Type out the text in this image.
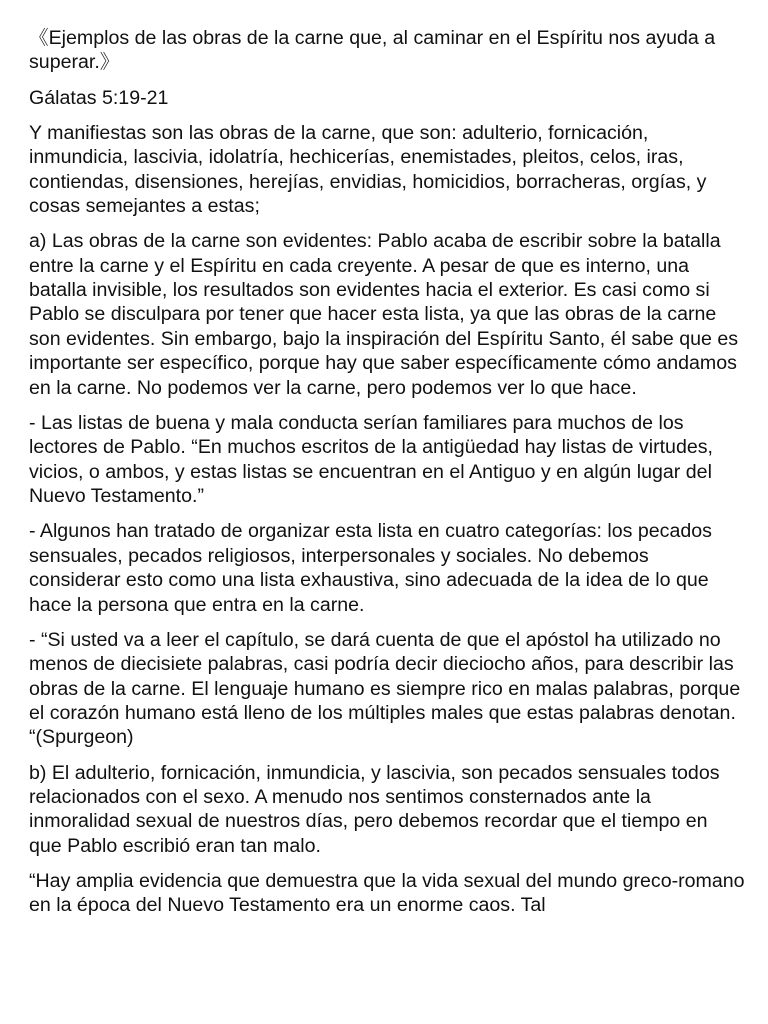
《Ejemplos de las obras de la carne que, al caminar en el Espíritu nos ayuda a superar.》

Gálatas 5:19-21

Y manifiestas son las obras de la carne, que son: adulterio, fornicación, inmundicia, lascivia, idolatría, hechicerías, enemistades, pleitos, celos, iras, contiendas, disensiones, herejías, envidias, homicidios, borracheras, orgías, y cosas semejantes a estas;

a) Las obras de la carne son evidentes: Pablo acaba de escribir sobre la batalla entre la carne y el Espíritu en cada creyente. A pesar de que es interno, una batalla invisible, los resultados son evidentes hacia el exterior. Es casi como si Pablo se disculpara por tener que hacer esta lista, ya que las obras de la carne son evidentes. Sin embargo, bajo la inspiración del Espíritu Santo, él sabe que es importante ser específico, porque hay que saber específicamente cómo andamos en la carne. No podemos ver la carne, pero podemos ver lo que hace.

- Las listas de buena y mala conducta serían familiares para muchos de los lectores de Pablo. “En muchos escritos de la antigüedad hay listas de virtudes, vicios, o ambos, y estas listas se encuentran en el Antiguo y en algún lugar del Nuevo Testamento.”

- Algunos han tratado de organizar esta lista en cuatro categorías: los pecados sensuales, pecados religiosos, interpersonales y sociales. No debemos considerar esto como una lista exhaustiva, sino adecuada de la idea de lo que hace la persona que entra en la carne.

- “Si usted va a leer el capítulo, se dará cuenta de que el apóstol ha utilizado no menos de diecisiete palabras, casi podría decir dieciocho años, para describir las obras de la carne. El lenguaje humano es siempre rico en malas palabras, porque el corazón humano está lleno de los múltiples males que estas palabras denotan. “(Spurgeon)

b) El adulterio, fornicación, inmundicia, y lascivia, son pecados sensuales todos relacionados con el sexo. A menudo nos sentimos consternados ante la inmoralidad sexual de nuestros días, pero debemos recordar que el tiempo en que Pablo escribió eran tan malo.

“Hay amplia evidencia que demuestra que la vida sexual del mundo greco-romano en la época del Nuevo Testamento era un enorme caos. Tal
